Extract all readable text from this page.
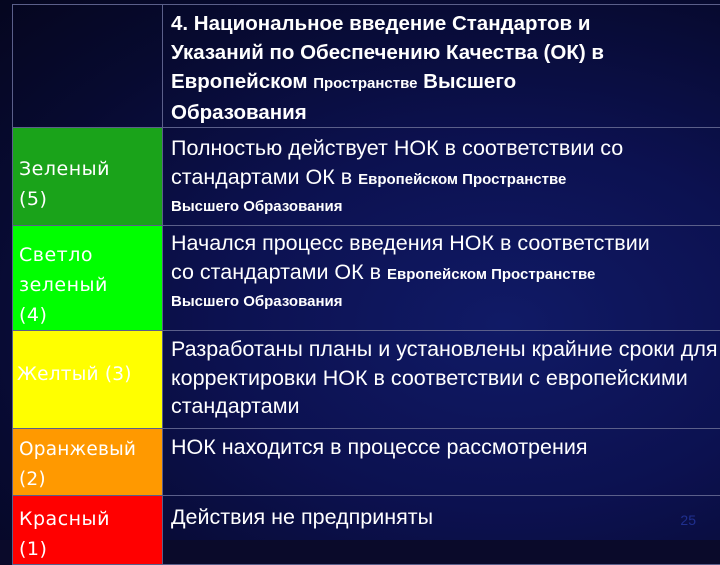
	4. Национальное введение Стандартов и
Указаний по Обеспечению Качества (ОК) в
Европейском Пространстве Высшего
Образования

Зеленый (5)	Полностью действует НОК в соответствии со
стандартами ОК в Европейском Пространстве
Высшего Образования

Светло зеленый (4)	Начался процесс введения НОК в соответствии
со стандартами ОК в Европейском Пространстве
Высшего Образования

Желтый (3)	Разработаны планы и установлены крайние сроки для корректировки НОК в соответствии с европейскими стандартами

Оранжевый (2)	НОК находится в процессе рассмотрения

Красный (1)	Действия не предприняты	25
